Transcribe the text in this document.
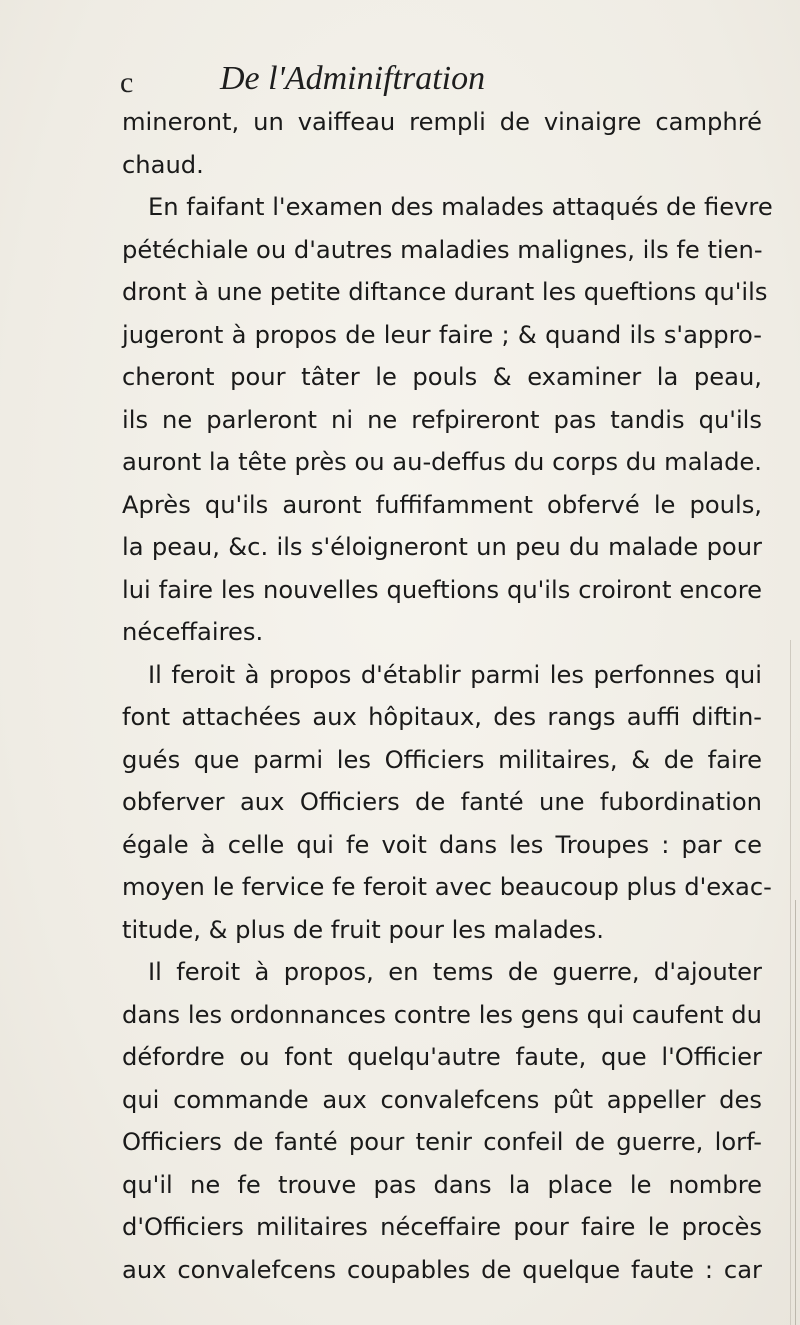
c	De l'Adminiftration
mineront, un vaiffeau rempli de vinaigre camphré
chaud.
En faifant l'examen des malades attaqués de fievre
pétéchiale ou d'autres maladies malignes, ils fe tien-
dront à une petite diftance durant les queftions qu'ils
jugeront à propos de leur faire ; & quand ils s'appro-
cheront pour tâter le pouls & examiner la peau,
ils ne parleront ni ne refpireront pas tandis qu'ils
auront la tête près ou au-deffus du corps du malade.
Après qu'ils auront fuffifamment obfervé le pouls,
la peau, &c. ils s'éloigneront un peu du malade pour
lui faire les nouvelles queftions qu'ils croiront encore
néceffaires.
Il feroit à propos d'établir parmi les perfonnes qui
font attachées aux hôpitaux, des rangs auffi diftin-
gués que parmi les Officiers militaires, & de faire
obferver aux Officiers de fanté une fubordination
égale à celle qui fe voit dans les Troupes : par ce
moyen le fervice fe feroit avec beaucoup plus d'exac-
titude, & plus de fruit pour les malades.
Il feroit à propos, en tems de guerre, d'ajouter
dans les ordonnances contre les gens qui caufent du
défordre ou font quelqu'autre faute, que l'Officier
qui commande aux convalefcens pût appeller des
Officiers de fanté pour tenir confeil de guerre, lorf-
qu'il ne fe trouve pas dans la place le nombre
d'Officiers militaires néceffaire pour faire le procès
aux convalefcens coupables de quelque faute : car
